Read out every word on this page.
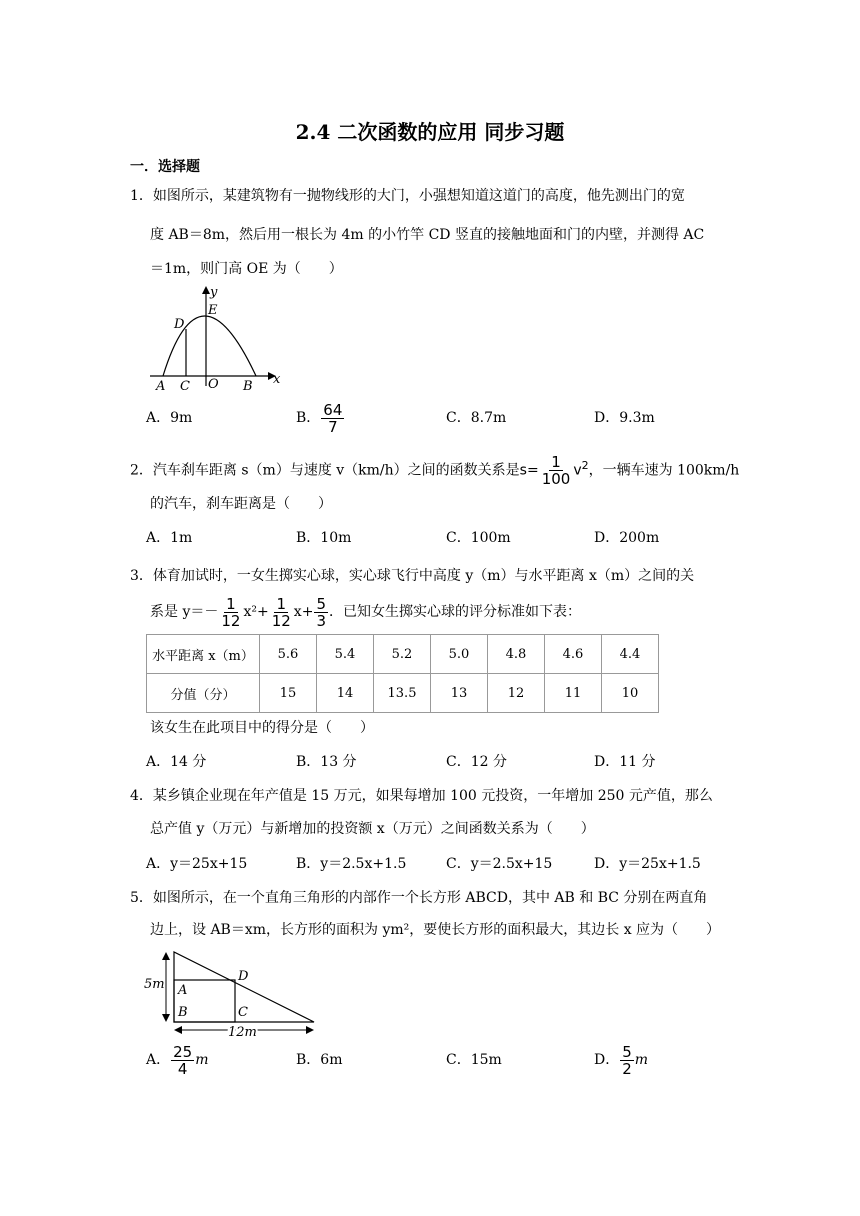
2.4 二次函数的应用 同步习题
一．选择题
1．如图所示，某建筑物有一抛物线形的大门，小强想知道这道门的高度，他先测出门的宽
度 AB＝8m，然后用一根长为 4m 的小竹竿 CD 竖直的接触地面和门的内壁，并测得 AC
＝1m，则门高 OE 为（　　）
y
x
D
E
A C O B
A．9m	B． $\frac{64}{7}$	C．8.7m	D．9.3m
2．汽车刹车距离 s（m）与速度 v（km/h）之间的函数关系是$s= \frac{1}{100} v^2$，一辆车速为 100km/h
的汽车，刹车距离是（　　）
A．1m	B．10m	C．100m	D．200m
3．体育加试时，一女生掷实心球，实心球飞行中高度 y（m）与水平距离 x（m）之间的关
系是 $y=- \frac{1}{12} x^2+ \frac{1}{12} x+ \frac{5}{3}$ ．已知女生掷实心球的评分标准如下表：
水平距离 x（m）	5.6	5.4	5.2	5.0	4.8	4.6	4.4
分值（分）	15	14	13.5	13	12	11	10
该女生在此项目中的得分是（　　）
A．14 分	B．13 分	C．12 分	D．11 分
4．某乡镇企业现在年产值是 15 万元，如果每增加 100 元投资，一年增加 250 元产值，那么
总产值 y（万元）与新增加的投资额 x（万元）之间函数关系为（　　）
A．y＝25x+15	B．y＝2.5x+1.5	C．y＝2.5x+15	D．y＝25x+1.5
5．如图所示，在一个直角三角形的内部作一个长方形 ABCD，其中 AB 和 BC 分别在两直角
边上，设 AB＝xm，长方形的面积为 ym²，要使长方形的面积最大，其边长 x 应为（　　）
5m
12m
A
B	C
D
A． $\frac{25}{4}$ m	B．6m	C．15m	D． $\frac{5}{2}$ m
